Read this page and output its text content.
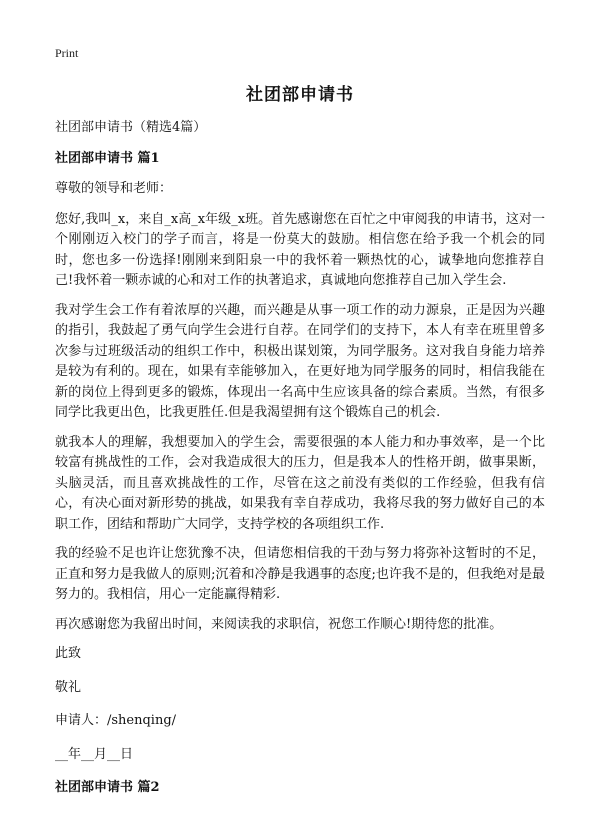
Print
社团部申请书

社团部申请书（精选4篇）

社团部申请书 篇1

尊敬的领导和老师：

您好,我叫_x，来自_x高_x年级_x班。首先感谢您在百忙之中审阅我的申请书，这对一个刚刚迈入校门的学子而言，将是一份莫大的鼓励。相信您在给予我一个机会的同时，您也多一份选择!刚刚来到阳泉一中的我怀着一颗热忱的心，诚挚地向您推荐自己!我怀着一颗赤诚的心和对工作的执著追求，真诚地向您推荐自己加入学生会.

我对学生会工作有着浓厚的兴趣，而兴趣是从事一项工作的动力源泉，正是因为兴趣的指引，我鼓起了勇气向学生会进行自荐。在同学们的支持下，本人有幸在班里曾多次参与过班级活动的组织工作中，积极出谋划策，为同学服务。这对我自身能力培养是较为有利的。现在，如果有幸能够加入，在更好地为同学服务的同时，相信我能在新的岗位上得到更多的锻炼，体现出一名高中生应该具备的综合素质。当然，有很多同学比我更出色，比我更胜任.但是我渴望拥有这个锻炼自己的机会.

就我本人的理解，我想要加入的学生会，需要很强的本人能力和办事效率，是一个比较富有挑战性的工作，会对我造成很大的压力，但是我本人的性格开朗，做事果断，头脑灵活，而且喜欢挑战性的工作，尽管在这之前没有类似的工作经验，但我有信心，有决心面对新形势的挑战，如果我有幸自荐成功，我将尽我的努力做好自己的本职工作，团结和帮助广大同学，支持学校的各项组织工作.

我的经验不足也许让您犹豫不决，但请您相信我的干劲与努力将弥补这暂时的不足，正直和努力是我做人的原则;沉着和冷静是我遇事的态度;也许我不是的，但我绝对是最努力的。我相信，用心一定能赢得精彩.

再次感谢您为我留出时间，来阅读我的求职信，祝您工作顺心!期待您的批准。

此致

敬礼

申请人：/shenqing/

__年__月__日

社团部申请书 篇2
